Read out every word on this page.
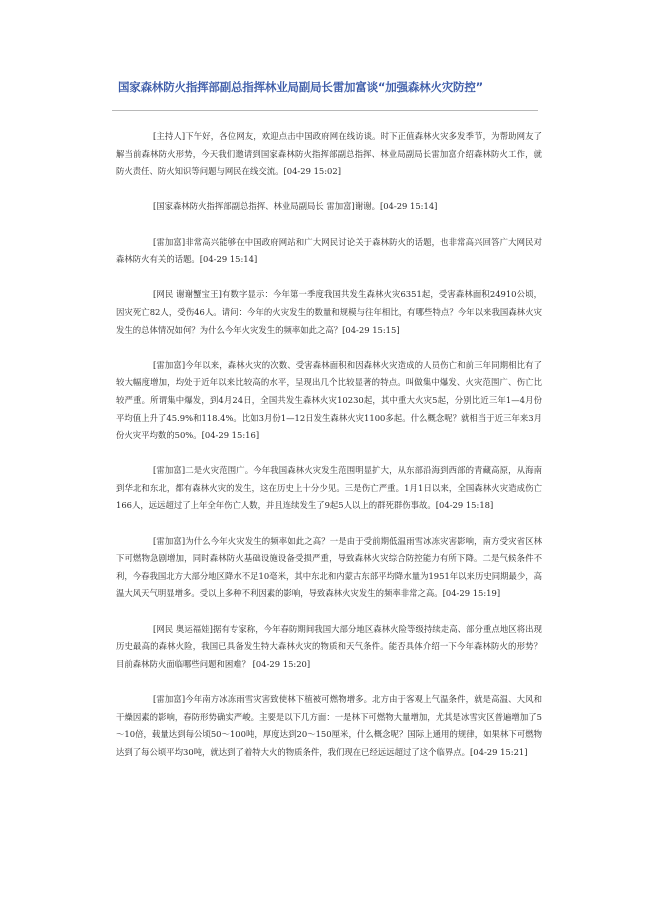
国家森林防火指挥部副总指挥林业局副局长雷加富谈“加强森林火灾防控”

[主持人]下午好，各位网友，欢迎点击中国政府网在线访谈。时下正值森林火灾多发季节，为帮助网友了解当前森林防火形势，今天我们邀请到国家森林防火指挥部副总指挥、林业局副局长雷加富介绍森林防火工作，就防火责任、防火知识等问题与网民在线交流。[04-29 15:02]

[国家森林防火指挥部副总指挥、林业局副局长 雷加富]谢谢。[04-29 15:14]

[雷加富]非常高兴能够在中国政府网站和广大网民讨论关于森林防火的话题，也非常高兴回答广大网民对森林防火有关的话题。[04-29 15:14]

[网民 谢谢蟹宝王]有数字显示：今年第一季度我国共发生森林火灾6351起，受害森林面积24910公顷，因灾死亡82人，受伤46人。请问：今年的火灾发生的数量和规模与往年相比，有哪些特点？今年以来我国森林火灾发生的总体情况如何？为什么今年火灾发生的频率如此之高？[04-29 15:15]

[雷加富]今年以来，森林火灾的次数、受害森林面积和因森林火灾造成的人员伤亡和前三年同期相比有了较大幅度增加，均处于近年以来比较高的水平，呈现出几个比较显著的特点。叫做集中爆发、火灾范围广、伤亡比较严重。所谓集中爆发，到4月24日，全国共发生森林火灾10230起，其中重大火灾5起，分别比近三年1—4月份平均值上升了45.9%和118.4%。比如3月份1—12日发生森林火灾1100多起。什么概念呢？就相当于近三年来3月份火灾平均数的50%。[04-29 15:16]

[雷加富]二是火灾范围广。今年我国森林火灾发生范围明显扩大，从东部沿海到西部的青藏高原，从海南到华北和东北，都有森林火灾的发生，这在历史上十分少见。三是伤亡严重。1月1日以来，全国森林火灾造成伤亡166人，远远超过了上年全年伤亡人数，并且连续发生了9起5人以上的群死群伤事故。[04-29 15:18]

[雷加富]为什么今年火灾发生的频率如此之高？一是由于受前期低温雨雪冰冻灾害影响，南方受灾省区林下可燃物急剧增加，同时森林防火基础设施设备受损严重，导致森林火灾综合防控能力有所下降。二是气候条件不利，今春我国北方大部分地区降水不足10毫米，其中东北和内蒙古东部平均降水量为1951年以来历史同期最少，高温大风天气明显增多。受以上多种不利因素的影响，导致森林火灾发生的频率非常之高。[04-29 15:19]

[网民 奥运福娃]据有专家称，今年春防期间我国大部分地区森林火险等级持续走高、部分重点地区将出现历史最高的森林火险，我国已具备发生特大森林火灾的物质和天气条件。能否具体介绍一下今年森林防火的形势？目前森林防火面临哪些问题和困难？ [04-29 15:20]

[雷加富]今年南方冰冻雨雪灾害致使林下植被可燃物增多。北方由于客观上气温条件，就是高温、大风和干燥因素的影响，春防形势确实严峻。主要是以下几方面：一是林下可燃物大量增加，尤其是冰雪灾区普遍增加了5～10倍，载量达到每公顷50～100吨，厚度达到20～150厘米，什么概念呢？国际上通用的规律，如果林下可燃物达到了每公顷平均30吨，就达到了着特大火的物质条件，我们现在已经远远超过了这个临界点。[04-29 15:21]
